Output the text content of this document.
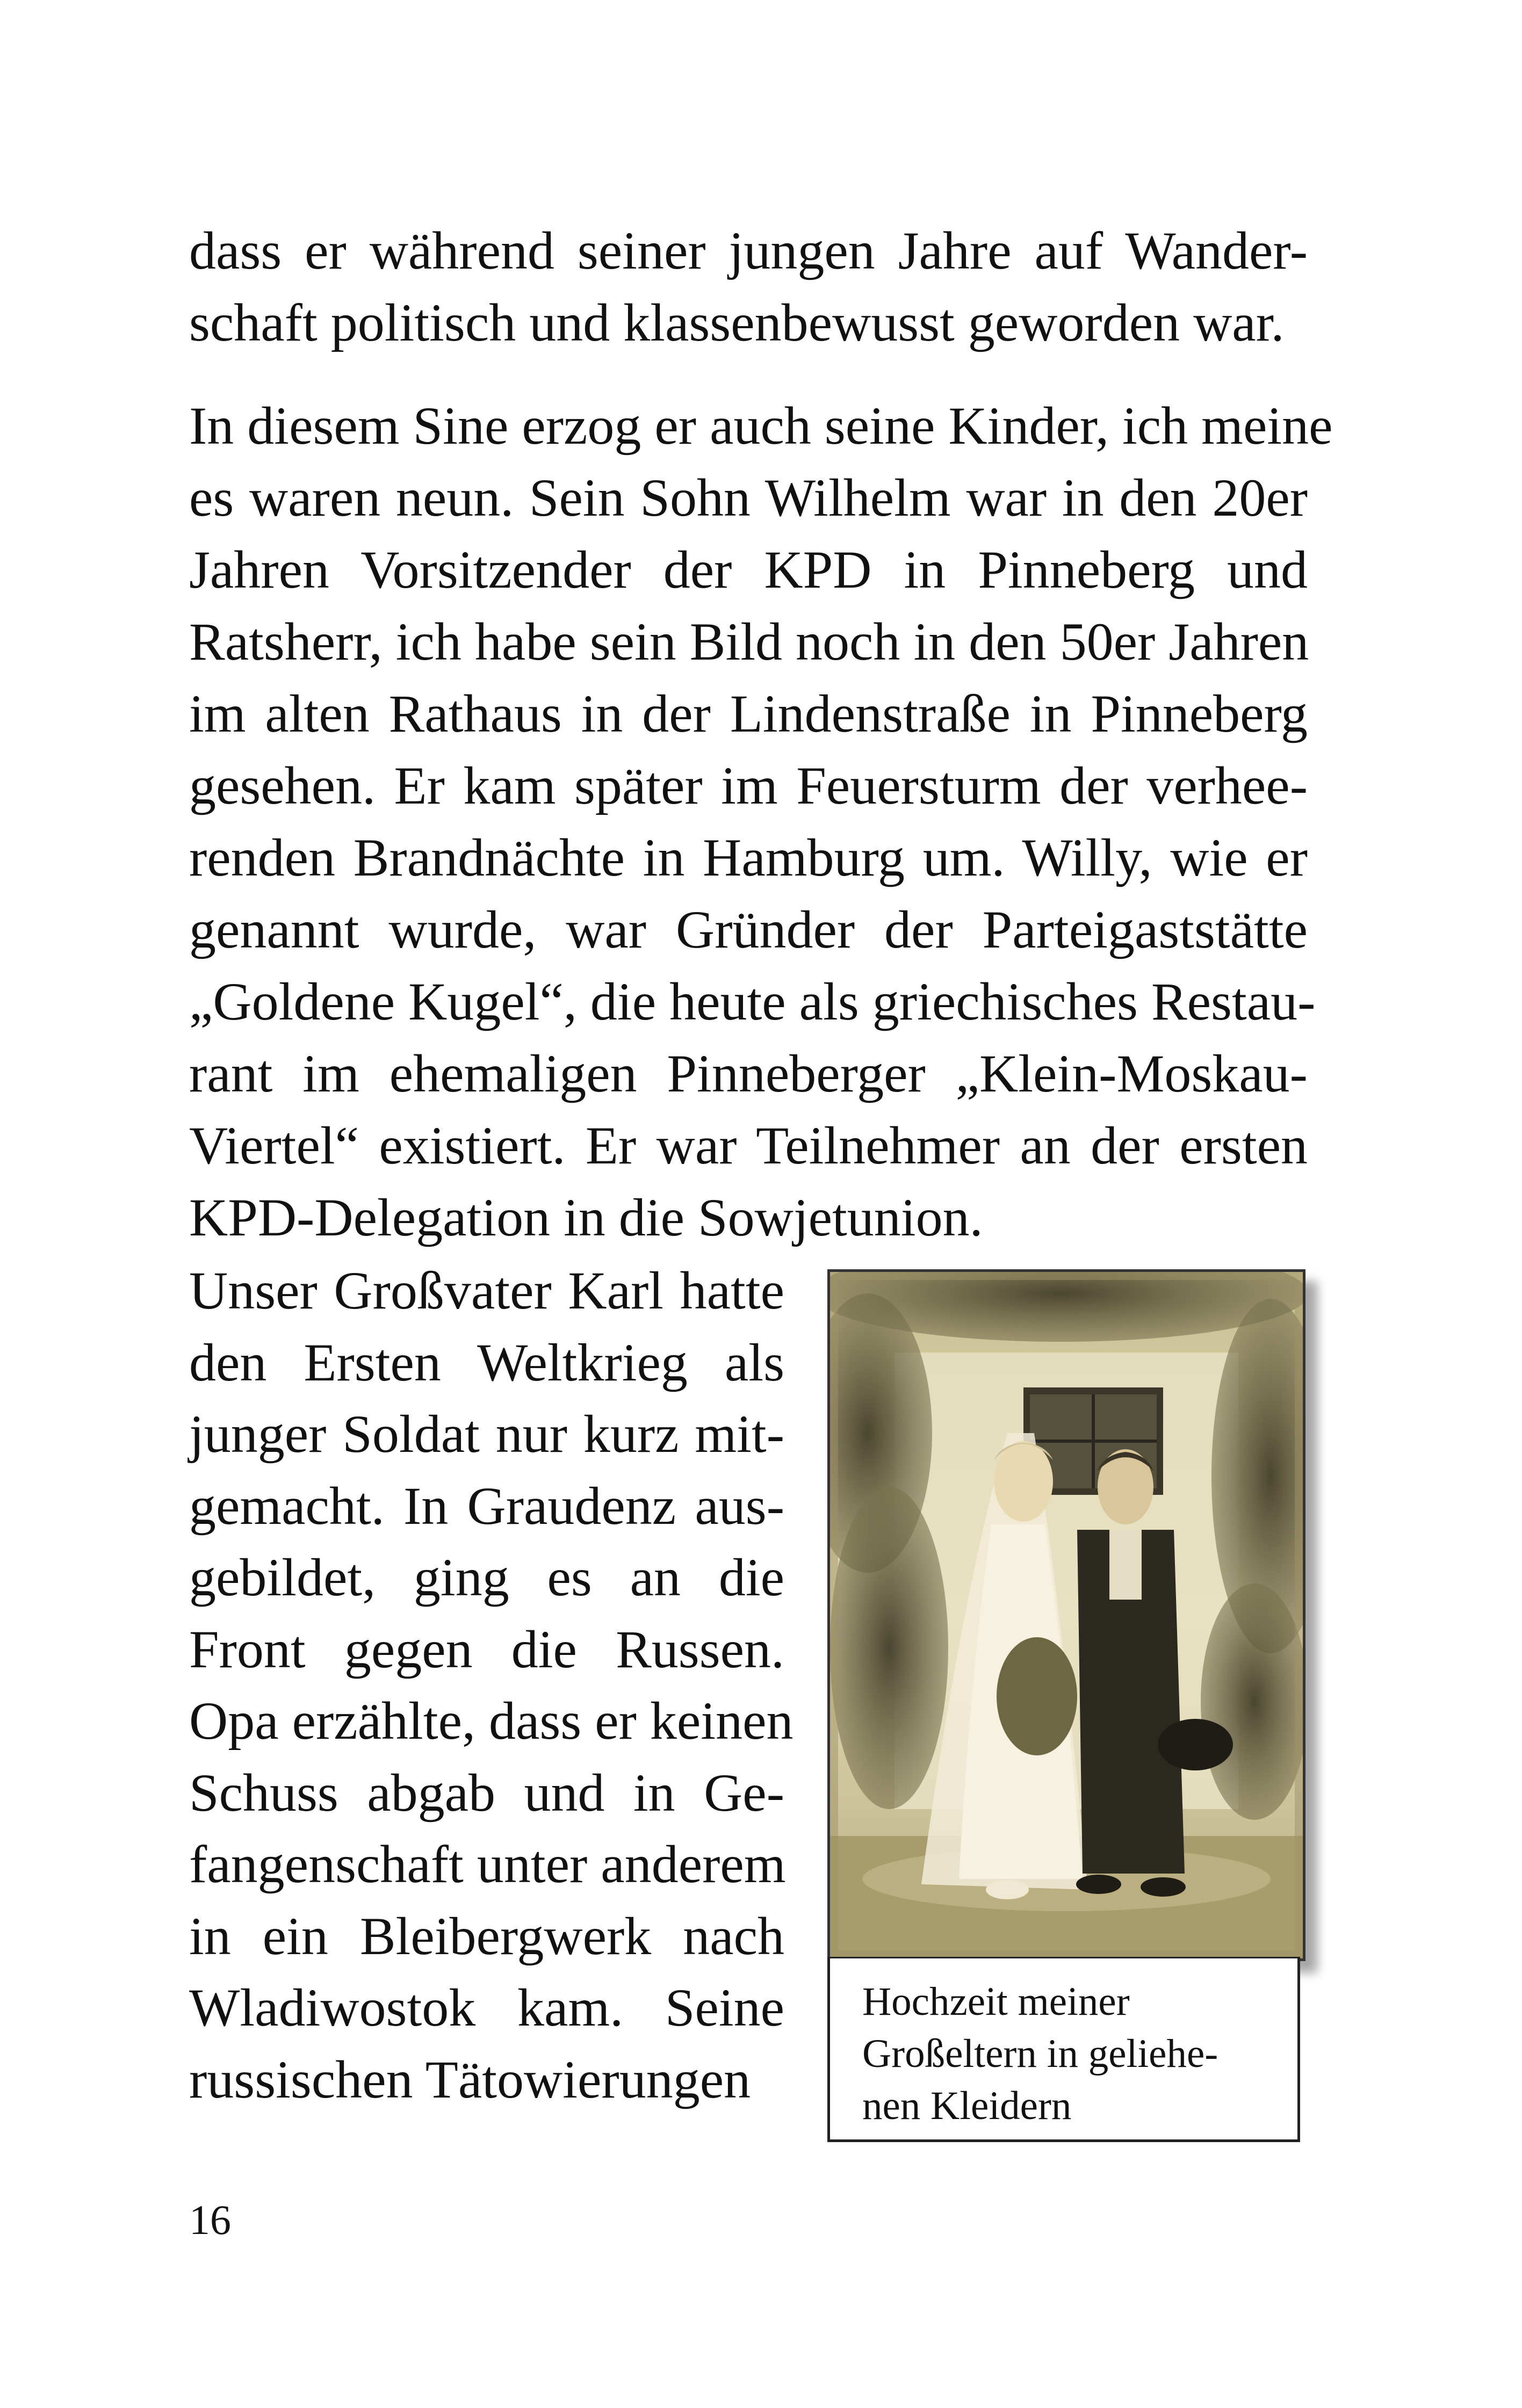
dass er während seiner jungen Jahre auf Wander-
schaft politisch und klassenbewusst geworden war.
In diesem Sine erzog er auch seine Kinder, ich meine
es waren neun. Sein Sohn Wilhelm war in den 20er
Jahren Vorsitzender der KPD in Pinneberg und
Ratsherr, ich habe sein Bild noch in den 50er Jahren
im alten Rathaus in der Lindenstraße in Pinneberg
gesehen. Er kam später im Feuersturm der verhee-
renden Brandnächte in Hamburg um. Willy, wie er
genannt wurde, war Gründer der Parteigaststätte
„Goldene Kugel“, die heute als griechisches Restau-
rant im ehemaligen Pinneberger „Klein-Moskau-
Viertel“ existiert. Er war Teilnehmer an der ersten
KPD-Delegation in die Sowjetunion.
Unser Großvater Karl hatte
den Ersten Weltkrieg als
junger Soldat nur kurz mit-
gemacht. In Graudenz aus-
gebildet, ging es an die
Front gegen die Russen.
Opa erzählte, dass er keinen
Schuss abgab und in Ge-
fangenschaft unter anderem
in ein Bleibergwerk nach
Wladiwostok kam. Seine
russischen Tätowierungen
Hochzeit meiner
Großeltern in geliehe-
nen Kleidern
16
